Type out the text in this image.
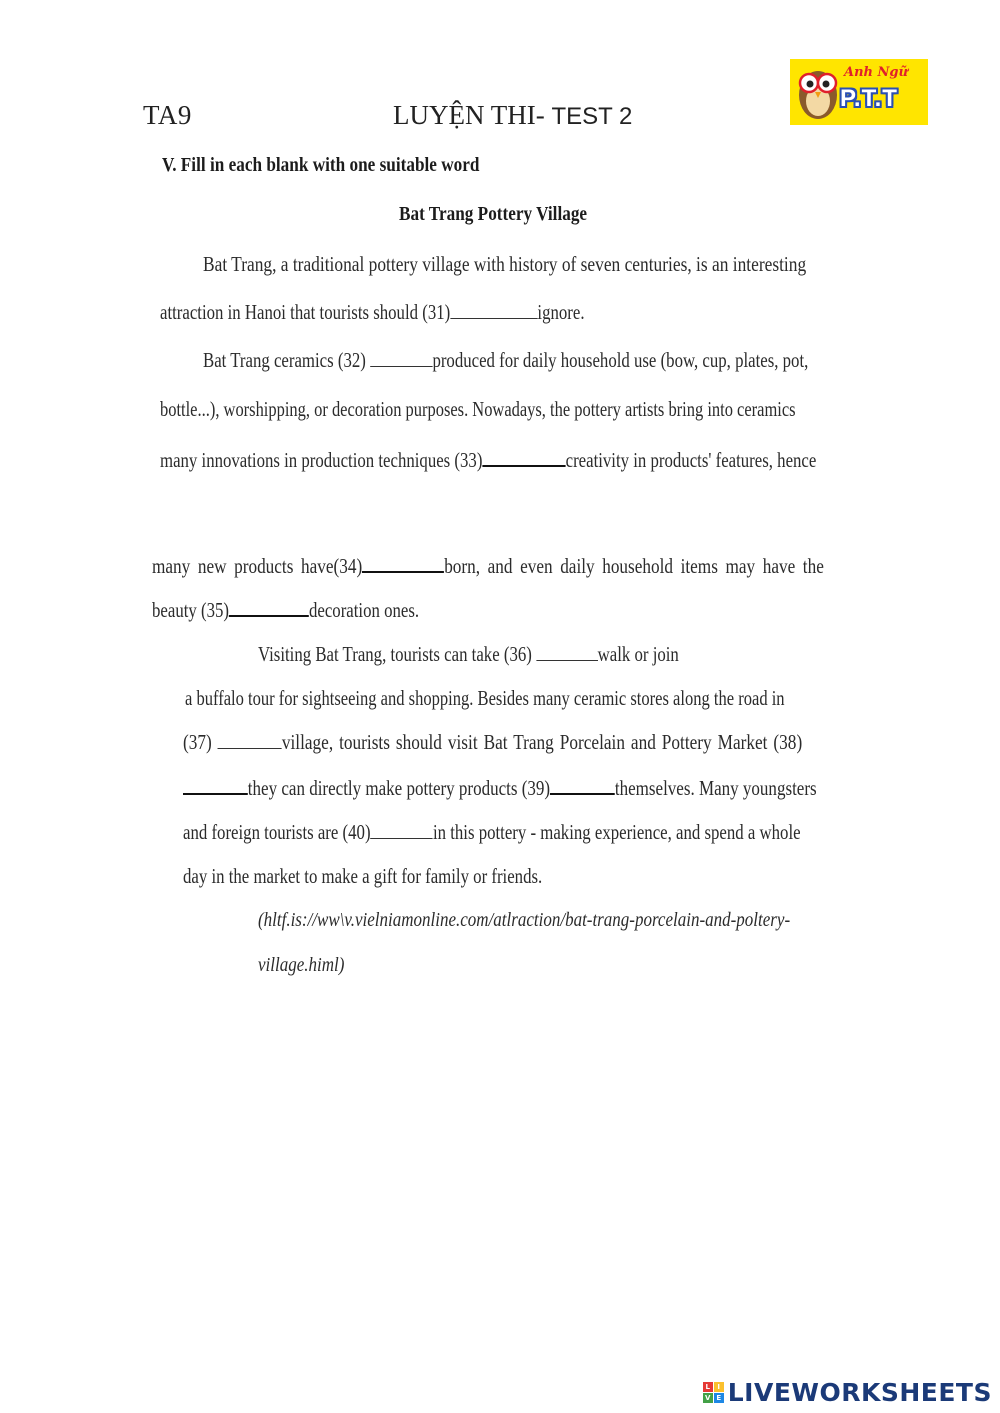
TA9	LUYỆN THI- TEST 2
Anh Ngữ
P.T.T
V. Fill in each blank with one suitable word
Bat Trang Pottery Village
Bat Trang, a traditional pottery village with history of seven centuries, is an interesting
attraction in Hanoi that tourists should (31)	ignore.
Bat Trang ceramics (32)	produced for daily household use (bow, cup, plates, pot,
bottle...), worshipping, or decoration purposes. Nowadays, the pottery artists bring into ceramics
many innovations in production techniques (33)	creativity in products' features, hence
many new products have(34)	born, and even daily household items may have the
beauty (35)	decoration ones.
Visiting Bat Trang, tourists can take (36)	walk or join
a buffalo tour for sightseeing and shopping. Besides many ceramic stores along the road in
(37)	village, tourists should visit Bat Trang Porcelain and Pottery Market (38)
they can directly make pottery products (39)	themselves. Many youngsters
and foreign tourists are (40)	in this pottery - making experience, and spend a whole
day in the market to make a gift for family or friends.
(hltf.is://ww\v.vielniamonline.com/atlraction/bat-trang-porcelain-and-poltery-
village.himl)
L	I
V E LIVEWORKSHEETS
